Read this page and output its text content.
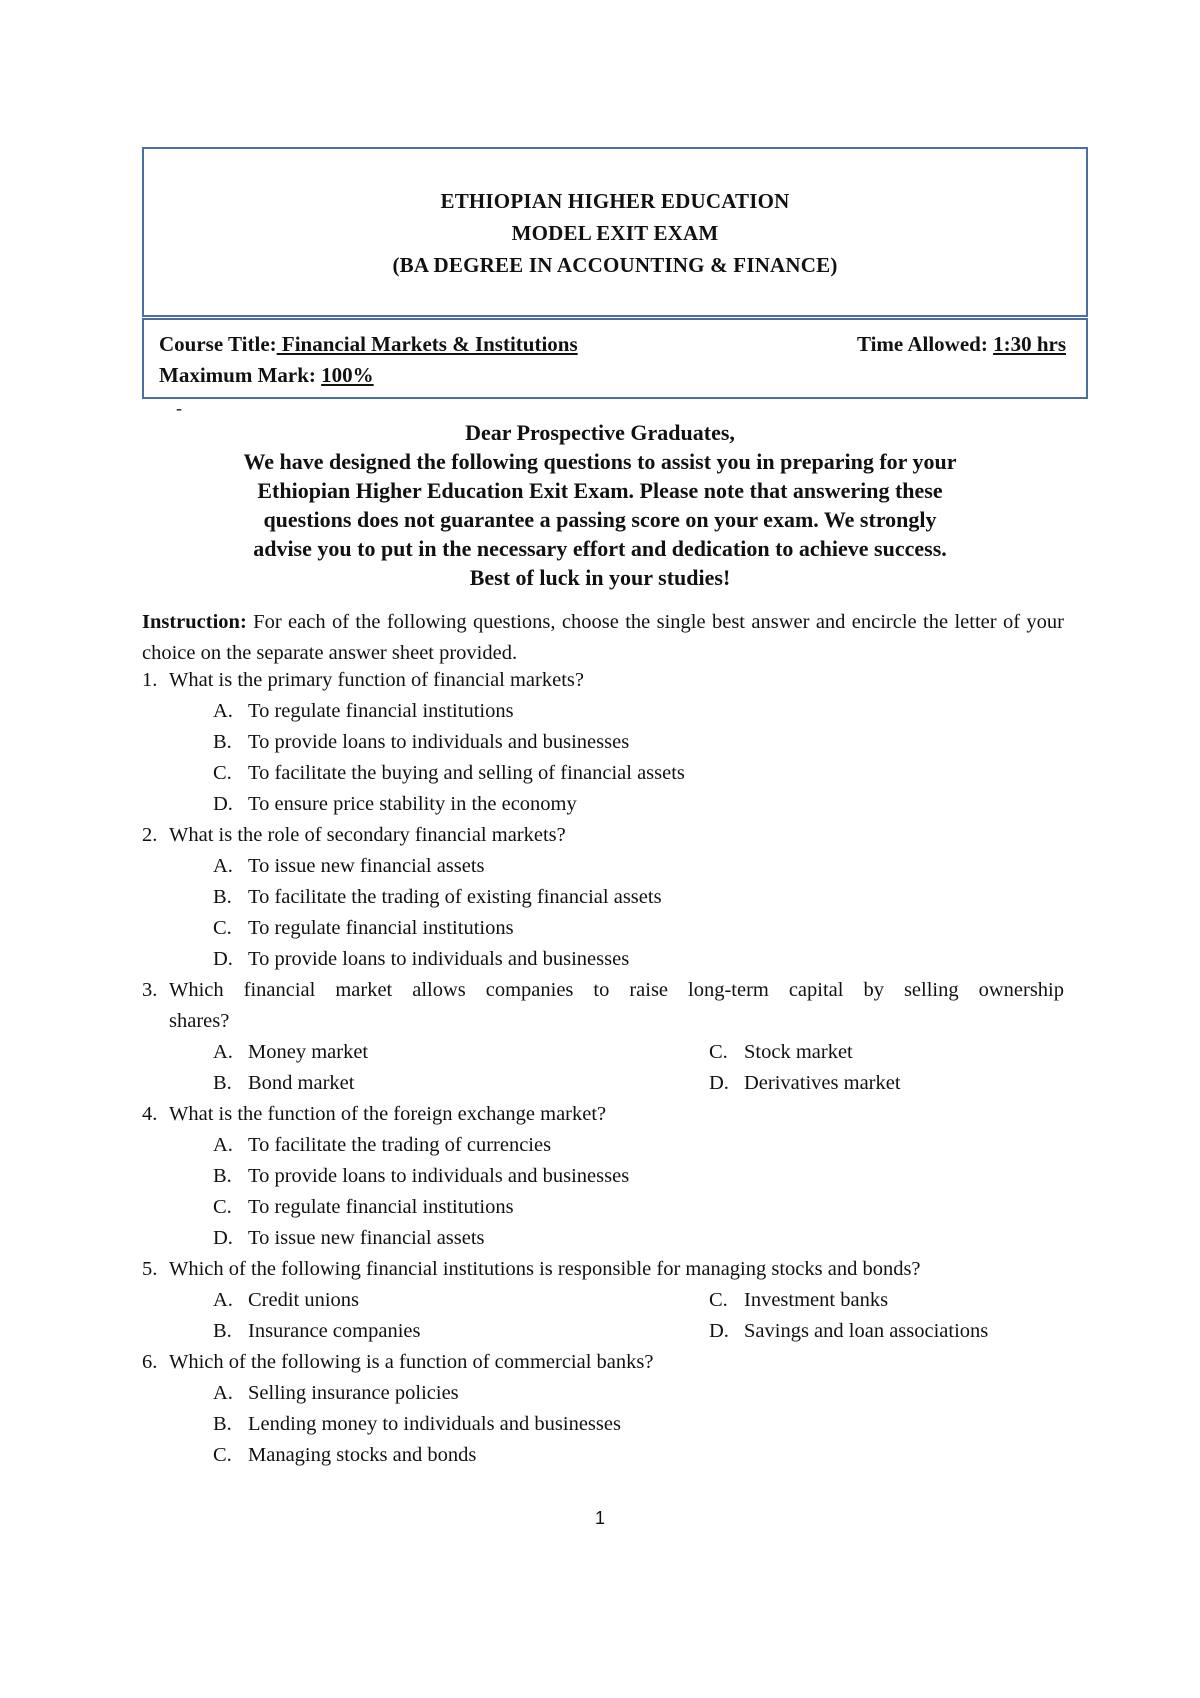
ETHIOPIAN HIGHER EDUCATION
MODEL EXIT EXAM
(BA DEGREE IN ACCOUNTING & FINANCE)
Course Title: Financial Markets & Institutions	Time Allowed: 1:30 hrs
Maximum Mark: 100%
-
Dear Prospective Graduates,
We have designed the following questions to assist you in preparing for your
Ethiopian Higher Education Exit Exam. Please note that answering these
questions does not guarantee a passing score on your exam. We strongly
advise you to put in the necessary effort and dedication to achieve success.
Best of luck in your studies!
Instruction: For each of the following questions, choose the single best answer and encircle the letter of your choice on the separate answer sheet provided.
1. What is the primary function of financial markets?
A. To regulate financial institutions
B. To provide loans to individuals and businesses
C. To facilitate the buying and selling of financial assets
D. To ensure price stability in the economy
2. What is the role of secondary financial markets?
A. To issue new financial assets
B. To facilitate the trading of existing financial assets
C. To regulate financial institutions
D. To provide loans to individuals and businesses
3. Which financial market allows companies to raise long-term capital by selling ownership
shares?
A. Money market
B. Bond market
C. Stock market
D. Derivatives market
4. What is the function of the foreign exchange market?
A. To facilitate the trading of currencies
B. To provide loans to individuals and businesses
C. To regulate financial institutions
D. To issue new financial assets
5. Which of the following financial institutions is responsible for managing stocks and bonds?
A. Credit unions
B. Insurance companies
C. Investment banks
D. Savings and loan associations
6. Which of the following is a function of commercial banks?
A. Selling insurance policies
B. Lending money to individuals and businesses
C. Managing stocks and bonds
1
